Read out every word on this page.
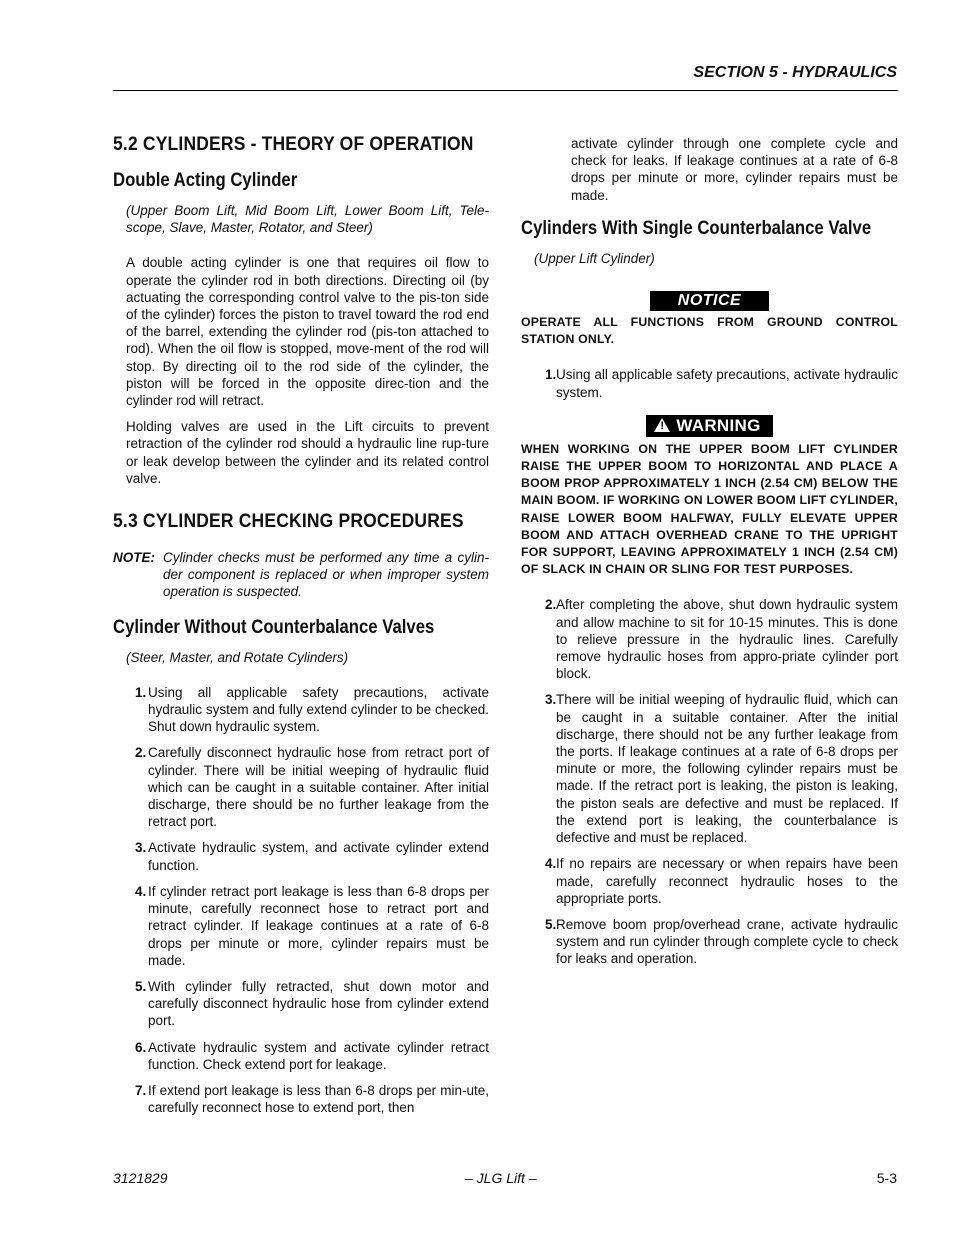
SECTION 5 - HYDRAULICS
5.2 CYLINDERS - THEORY OF OPERATION
Double Acting Cylinder

(Upper Boom Lift, Mid Boom Lift, Lower Boom Lift, Tele-scope, Slave, Master, Rotator, and Steer)

A double acting cylinder is one that requires oil flow to operate the cylinder rod in both directions. Directing oil (by actuating the corresponding control valve to the pis-ton side of the cylinder) forces the piston to travel toward the rod end of the barrel, extending the cylinder rod (pis-ton attached to rod). When the oil flow is stopped, move-ment of the rod will stop. By directing oil to the rod side of the cylinder, the piston will be forced in the opposite direc-tion and the cylinder rod will retract.

Holding valves are used in the Lift circuits to prevent retraction of the cylinder rod should a hydraulic line rup-ture or leak develop between the cylinder and its related control valve.

5.3 CYLINDER CHECKING PROCEDURES
NOTE: Cylinder checks must be performed any time a cylin-der component is replaced or when improper system operation is suspected.
Cylinder Without Counterbalance Valves

(Steer, Master, and Rotate Cylinders)

1. Using all applicable safety precautions, activate hydraulic system and fully extend cylinder to be checked. Shut down hydraulic system.
2. Carefully disconnect hydraulic hose from retract port of cylinder. There will be initial weeping of hydraulic fluid which can be caught in a suitable container. After initial discharge, there should be no further leakage from the retract port.
3. Activate hydraulic system, and activate cylinder extend function.
4. If cylinder retract port leakage is less than 6-8 drops per minute, carefully reconnect hose to retract port and retract cylinder. If leakage continues at a rate of 6-8 drops per minute or more, cylinder repairs must be made.
5. With cylinder fully retracted, shut down motor and carefully disconnect hydraulic hose from cylinder extend port.
6. Activate hydraulic system and activate cylinder retract function. Check extend port for leakage.
7. If extend port leakage is less than 6-8 drops per min-ute, carefully reconnect hose to extend port, then

activate cylinder through one complete cycle and check for leaks. If leakage continues at a rate of 6-8 drops per minute or more, cylinder repairs must be made.

Cylinders With Single Counterbalance Valve

(Upper Lift Cylinder)

NOTICE
OPERATE ALL FUNCTIONS FROM GROUND CONTROL STATION ONLY.
1. Using all applicable safety precautions, activate hydraulic system.
! WARNING
WHEN WORKING ON THE UPPER BOOM LIFT CYLINDER RAISE THE UPPER BOOM TO HORIZONTAL AND PLACE A BOOM PROP APPROXIMATELY 1 INCH (2.54 CM) BELOW THE MAIN BOOM. IF WORKING ON LOWER BOOM LIFT CYLINDER, RAISE LOWER BOOM HALFWAY, FULLY ELEVATE UPPER BOOM AND ATTACH OVERHEAD CRANE TO THE UPRIGHT FOR SUPPORT, LEAVING APPROXIMATELY 1 INCH (2.54 CM) OF SLACK IN CHAIN OR SLING FOR TEST PURPOSES.
2. After completing the above, shut down hydraulic system and allow machine to sit for 10-15 minutes. This is done to relieve pressure in the hydraulic lines. Carefully remove hydraulic hoses from appro-priate cylinder port block.
3. There will be initial weeping of hydraulic fluid, which can be caught in a suitable container. After the initial discharge, there should not be any further leakage from the ports. If leakage continues at a rate of 6-8 drops per minute or more, the following cylinder repairs must be made. If the retract port is leaking, the piston is leaking, the piston seals are defective and must be replaced. If the extend port is leaking, the counterbalance is defective and must be replaced.
4. If no repairs are necessary or when repairs have been made, carefully reconnect hydraulic hoses to the appropriate ports.
5. Remove boom prop/overhead crane, activate hydraulic system and run cylinder through complete cycle to check for leaks and operation.
3121829	– JLG Lift –	5-3
